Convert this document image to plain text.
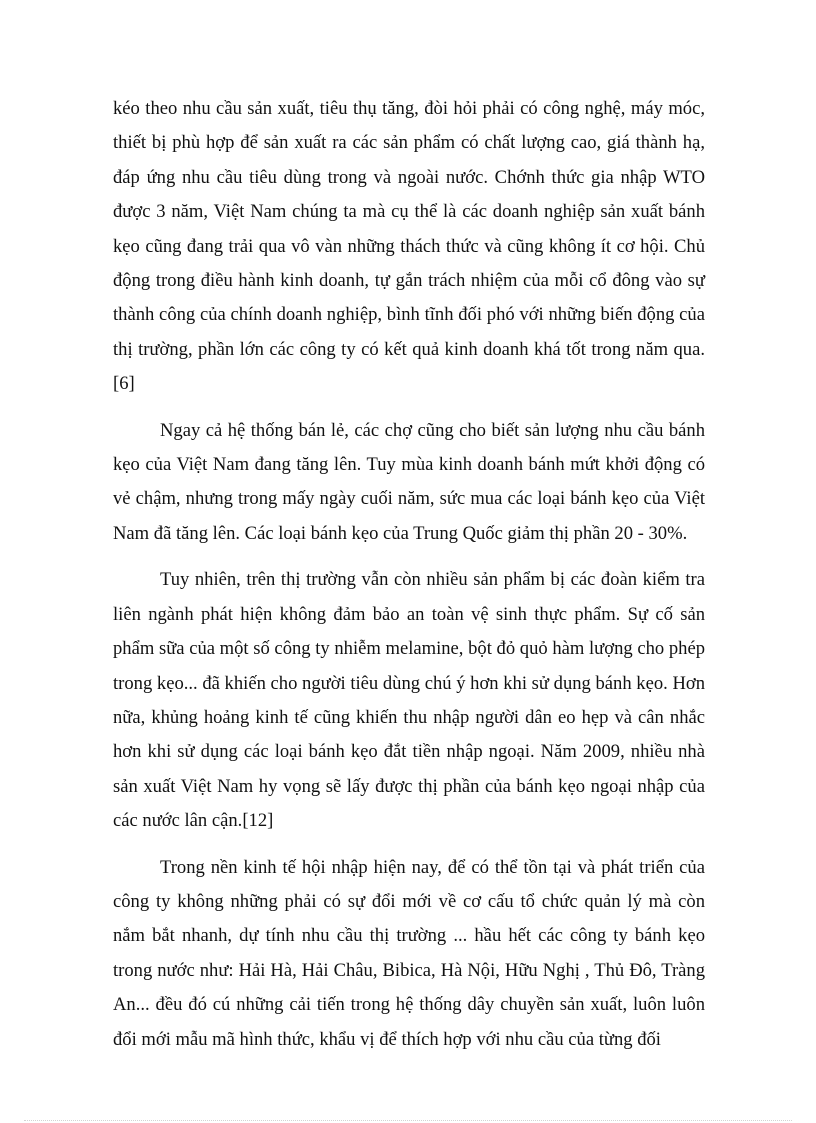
kéo theo nhu cầu sản xuất, tiêu thụ tăng, đòi hỏi phải có công nghệ, máy móc, thiết bị phù hợp để sản xuất ra các sản phẩm có chất lượng cao, giá thành hạ, đáp ứng nhu cầu tiêu dùng trong và ngoài nước. Chớnh thức gia nhập WTO được 3 năm, Việt Nam chúng ta mà cụ thể là các doanh nghiệp sản xuất bánh kẹo cũng đang trải qua vô vàn những thách thức và cũng không ít cơ hội. Chủ động trong điều hành kinh doanh, tự gắn trách nhiệm của mỗi cổ đông vào sự thành công của chính doanh nghiệp, bình tĩnh đối phó với những biến động của thị trường, phần lớn các công ty có kết quả kinh doanh khá tốt trong năm qua.[6]

Ngay cả hệ thống bán lẻ, các chợ cũng cho biết sản lượng nhu cầu bánh kẹo của Việt Nam đang tăng lên. Tuy mùa kinh doanh bánh mứt khởi động có vẻ chậm, nhưng trong mấy ngày cuối năm, sức mua các loại bánh kẹo của Việt Nam đã tăng lên. Các loại bánh kẹo của Trung Quốc giảm thị phần 20 - 30%.

Tuy nhiên, trên thị trường vẫn còn nhiều sản phẩm bị các đoàn kiểm tra liên ngành phát hiện không đảm bảo an toàn vệ sinh thực phẩm. Sự cố sản phẩm sữa của một số công ty nhiễm melamine, bột đỏ quỏ hàm lượng cho phép trong kẹo... đã khiến cho người tiêu dùng chú ý hơn khi sử dụng bánh kẹo. Hơn nữa, khủng hoảng kinh tế cũng khiến thu nhập người dân eo hẹp và cân nhắc hơn khi sử dụng các loại bánh kẹo đắt tiền nhập ngoại. Năm 2009, nhiều nhà sản xuất Việt Nam hy vọng sẽ lấy được thị phần của bánh kẹo ngoại nhập của các nước lân cận.[12]

Trong nền kinh tế hội nhập hiện nay, để có thể tồn tại và phát triển của công ty không những phải có sự đổi mới về cơ cấu tổ chức quản lý mà còn nắm bắt nhanh, dự tính nhu cầu thị trường ... hầu hết các công ty bánh kẹo trong nước như: Hải Hà, Hải Châu, Bibica, Hà Nội, Hữu Nghị , Thủ Đô, Tràng An... đều đó cú những cải tiến trong hệ thống dây chuyền sản xuất, luôn luôn đổi mới mẫu mã hình thức, khẩu vị để thích hợp với nhu cầu của từng đối
